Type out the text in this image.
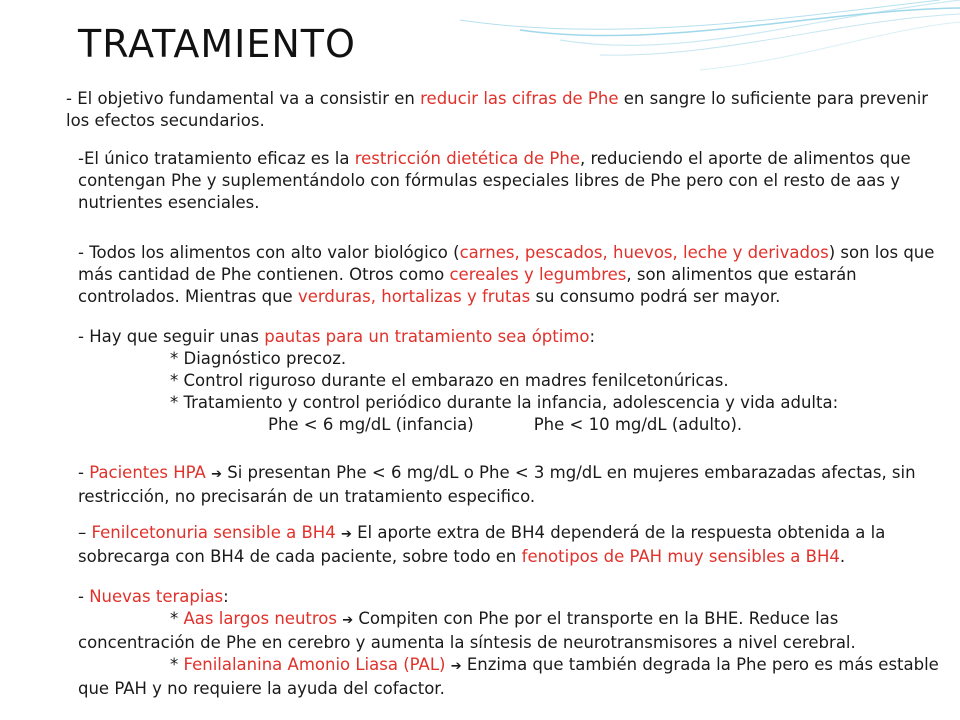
TRATAMIENTO
- El objetivo fundamental va a consistir en reducir las cifras de Phe en sangre lo suficiente para prevenir los efectos secundarios.
-El único tratamiento eficaz es la restricción dietética de Phe, reduciendo el aporte de alimentos que contengan Phe y suplementándolo con fórmulas especiales libres de Phe pero con el resto de aas y nutrientes esenciales.
- Todos los alimentos con alto valor biológico (carnes, pescados, huevos, leche y derivados) son los que más cantidad de Phe contienen. Otros como cereales y legumbres, son alimentos que estarán controlados. Mientras que verduras, hortalizas y frutas su consumo podrá ser mayor.
- Hay que seguir unas pautas para un tratamiento sea óptimo:
* Diagnóstico precoz.
* Control riguroso durante el embarazo en madres fenilcetonúricas.
* Tratamiento y control periódico durante la infancia, adolescencia y vida adulta:
Phe < 6 mg/dL (infancia)	Phe < 10 mg/dL (adulto).
- Pacientes HPA ➔ Si presentan Phe < 6 mg/dL o Phe < 3 mg/dL en mujeres embarazadas afectas, sin restricción, no precisarán de un tratamiento especifico.
– Fenilcetonuria sensible a BH4 ➔ El aporte extra de BH4 dependerá de la respuesta obtenida a la sobrecarga con BH4 de cada paciente, sobre todo en fenotipos de PAH muy sensibles a BH4.
- Nuevas terapias:
* Aas largos neutros ➔ Compiten con Phe por el transporte en la BHE. Reduce las concentración de Phe en cerebro y aumenta la síntesis de neurotransmisores a nivel cerebral.
* Fenilalanina Amonio Liasa (PAL) ➔ Enzima que también degrada la Phe pero es más estable que PAH y no requiere la ayuda del cofactor.
